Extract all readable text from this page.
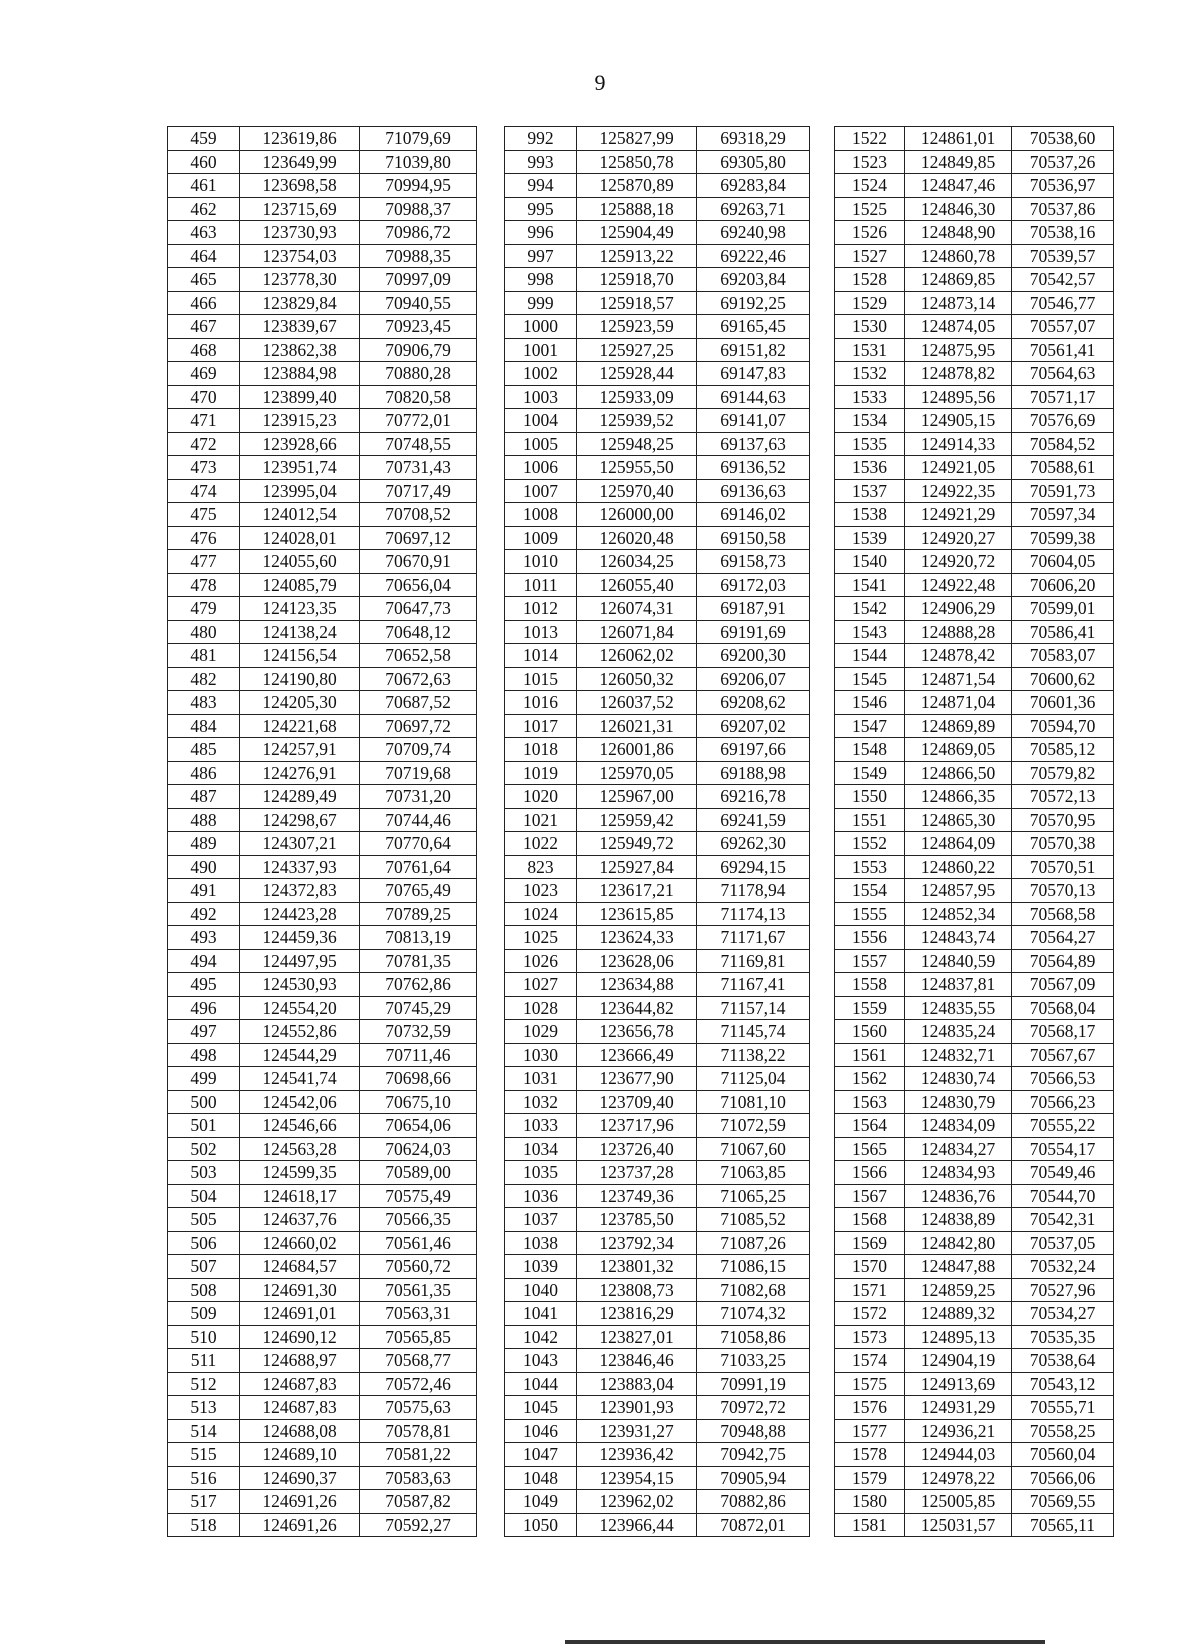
9
459	123619,86	71079,69		992	125827,99	69318,29		1522	124861,01	70538,60
460	123649,99	71039,80		993	125850,78	69305,80		1523	124849,85	70537,26
461	123698,58	70994,95		994	125870,89	69283,84		1524	124847,46	70536,97
462	123715,69	70988,37		995	125888,18	69263,71		1525	124846,30	70537,86
463	123730,93	70986,72		996	125904,49	69240,98		1526	124848,90	70538,16
464	123754,03	70988,35		997	125913,22	69222,46		1527	124860,78	70539,57
465	123778,30	70997,09		998	125918,70	69203,84		1528	124869,85	70542,57
466	123829,84	70940,55		999	125918,57	69192,25		1529	124873,14	70546,77
467	123839,67	70923,45		1000	125923,59	69165,45		1530	124874,05	70557,07
468	123862,38	70906,79		1001	125927,25	69151,82		1531	124875,95	70561,41
469	123884,98	70880,28		1002	125928,44	69147,83		1532	124878,82	70564,63
470	123899,40	70820,58		1003	125933,09	69144,63		1533	124895,56	70571,17
471	123915,23	70772,01		1004	125939,52	69141,07		1534	124905,15	70576,69
472	123928,66	70748,55		1005	125948,25	69137,63		1535	124914,33	70584,52
473	123951,74	70731,43		1006	125955,50	69136,52		1536	124921,05	70588,61
474	123995,04	70717,49		1007	125970,40	69136,63		1537	124922,35	70591,73
475	124012,54	70708,52		1008	126000,00	69146,02		1538	124921,29	70597,34
476	124028,01	70697,12		1009	126020,48	69150,58		1539	124920,27	70599,38
477	124055,60	70670,91		1010	126034,25	69158,73		1540	124920,72	70604,05
478	124085,79	70656,04		1011	126055,40	69172,03		1541	124922,48	70606,20
479	124123,35	70647,73		1012	126074,31	69187,91		1542	124906,29	70599,01
480	124138,24	70648,12		1013	126071,84	69191,69		1543	124888,28	70586,41
481	124156,54	70652,58		1014	126062,02	69200,30		1544	124878,42	70583,07
482	124190,80	70672,63		1015	126050,32	69206,07		1545	124871,54	70600,62
483	124205,30	70687,52		1016	126037,52	69208,62		1546	124871,04	70601,36
484	124221,68	70697,72		1017	126021,31	69207,02		1547	124869,89	70594,70
485	124257,91	70709,74		1018	126001,86	69197,66		1548	124869,05	70585,12
486	124276,91	70719,68		1019	125970,05	69188,98		1549	124866,50	70579,82
487	124289,49	70731,20		1020	125967,00	69216,78		1550	124866,35	70572,13
488	124298,67	70744,46		1021	125959,42	69241,59		1551	124865,30	70570,95
489	124307,21	70770,64		1022	125949,72	69262,30		1552	124864,09	70570,38
490	124337,93	70761,64		823	125927,84	69294,15		1553	124860,22	70570,51
491	124372,83	70765,49		1023	123617,21	71178,94		1554	124857,95	70570,13
492	124423,28	70789,25		1024	123615,85	71174,13		1555	124852,34	70568,58
493	124459,36	70813,19		1025	123624,33	71171,67		1556	124843,74	70564,27
494	124497,95	70781,35		1026	123628,06	71169,81		1557	124840,59	70564,89
495	124530,93	70762,86		1027	123634,88	71167,41		1558	124837,81	70567,09
496	124554,20	70745,29		1028	123644,82	71157,14		1559	124835,55	70568,04
497	124552,86	70732,59		1029	123656,78	71145,74		1560	124835,24	70568,17
498	124544,29	70711,46		1030	123666,49	71138,22		1561	124832,71	70567,67
499	124541,74	70698,66		1031	123677,90	71125,04		1562	124830,74	70566,53
500	124542,06	70675,10		1032	123709,40	71081,10		1563	124830,79	70566,23
501	124546,66	70654,06		1033	123717,96	71072,59		1564	124834,09	70555,22
502	124563,28	70624,03		1034	123726,40	71067,60		1565	124834,27	70554,17
503	124599,35	70589,00		1035	123737,28	71063,85		1566	124834,93	70549,46
504	124618,17	70575,49		1036	123749,36	71065,25		1567	124836,76	70544,70
505	124637,76	70566,35		1037	123785,50	71085,52		1568	124838,89	70542,31
506	124660,02	70561,46		1038	123792,34	71087,26		1569	124842,80	70537,05
507	124684,57	70560,72		1039	123801,32	71086,15		1570	124847,88	70532,24
508	124691,30	70561,35		1040	123808,73	71082,68		1571	124859,25	70527,96
509	124691,01	70563,31		1041	123816,29	71074,32		1572	124889,32	70534,27
510	124690,12	70565,85		1042	123827,01	71058,86		1573	124895,13	70535,35
511	124688,97	70568,77		1043	123846,46	71033,25		1574	124904,19	70538,64
512	124687,83	70572,46		1044	123883,04	70991,19		1575	124913,69	70543,12
513	124687,83	70575,63		1045	123901,93	70972,72		1576	124931,29	70555,71
514	124688,08	70578,81		1046	123931,27	70948,88		1577	124936,21	70558,25
515	124689,10	70581,22		1047	123936,42	70942,75		1578	124944,03	70560,04
516	124690,37	70583,63		1048	123954,15	70905,94		1579	124978,22	70566,06
517	124691,26	70587,82		1049	123962,02	70882,86		1580	125005,85	70569,55
518	124691,26	70592,27		1050	123966,44	70872,01		1581	125031,57	70565,11
